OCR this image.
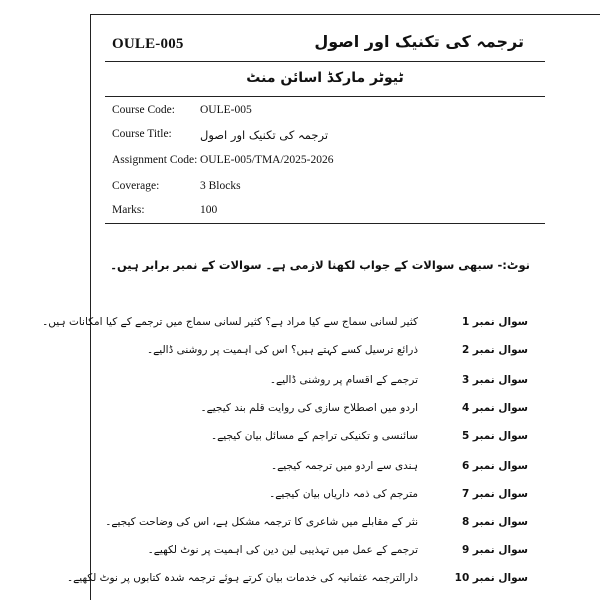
OULE-005	ترجمہ کی تکنیک اور اصول
ٹیوٹر مارکڈ اسائن منٹ
Course Code:	OULE-005
Course Title:	ترجمہ کی تکنیک اور اصول
Assignment Code: OULE-005/TMA/2025-2026
Coverage:	3 Blocks
Marks:	100
نوٹ:- سبھی سوالات کے جواب لکھنا لازمی ہے۔ سوالات کے نمبر برابر ہیں۔
سوال نمبر 1
کثیر لسانی سماج سے کیا مراد ہے؟ کثیر لسانی سماج میں ترجمے کے کیا امکانات ہیں۔
سوال نمبر 2
ذرائع ترسیل کسے کہتے ہیں؟ اس کی اہمیت پر روشنی ڈالیے۔
سوال نمبر 3
ترجمے کے اقسام پر روشنی ڈالیے۔
سوال نمبر 4
اردو میں اصطلاح سازی کی روایت قلم بند کیجیے۔
سوال نمبر 5
سائنسی و تکنیکی تراجم کے مسائل بیان کیجیے۔
سوال نمبر 6
ہندی سے اردو میں ترجمہ کیجیے۔
سوال نمبر 7
مترجم کی ذمہ داریاں بیان کیجیے۔
سوال نمبر 8
نثر کے مقابلے میں شاعری کا ترجمہ مشکل ہے، اس کی وضاحت کیجیے۔
سوال نمبر 9
ترجمے کے عمل میں تہذیبی لین دین کی اہمیت پر نوٹ لکھیے۔
سوال نمبر 10
دارالترجمہ عثمانیہ کی خدمات بیان کرتے ہوئے ترجمہ شدہ کتابوں پر نوٹ لکھیے۔
